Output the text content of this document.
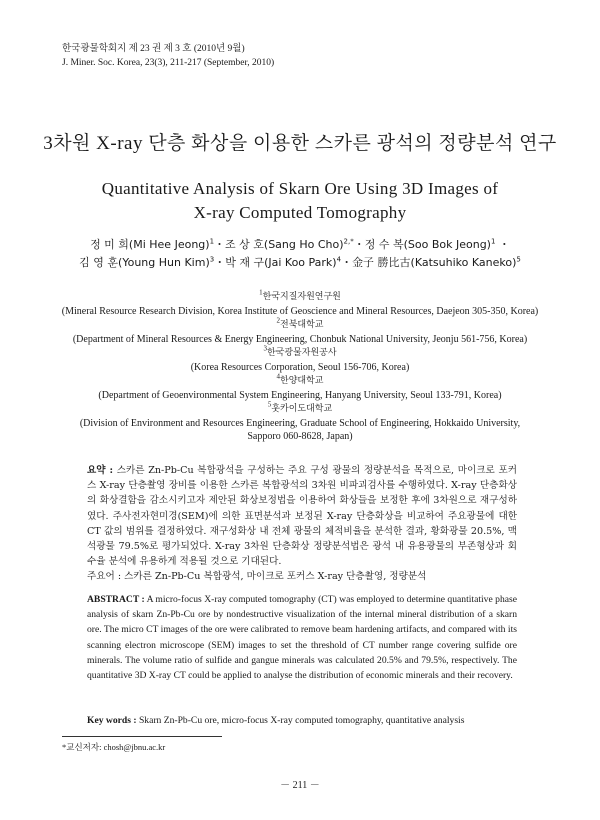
한국광물학회지 제 23 권 제 3 호 (2010년 9월)
J. Miner. Soc. Korea, 23(3), 211-217 (September, 2010)
3차원 X-ray 단층 화상을 이용한 스카른 광석의 정량분석 연구
Quantitative Analysis of Skarn Ore Using 3D Images of
X-ray Computed Tomography
정 미 희(Mi Hee Jeong)$^1$・조 상 호(Sang Ho Cho)$^{2,*}$・정 수 복(Soo Bok Jeong)$^1$ ・
김 영 훈(Young Hun Kim)$^3$・박 재 구(Jai Koo Park)$^4$・金子 勝比古(Katsuhiko Kaneko)$^5$
$^1$한국지질자원연구원
(Mineral Resource Research Division, Korea Institute of Geoscience and Mineral Resources, Daejeon 305-350, Korea)
$^2$전북대학교
(Department of Mineral Resources & Energy Engineering, Chonbuk National University, Jeonju 561-756, Korea)
$^3$한국광물자원공사
(Korea Resources Corporation, Seoul 156-706, Korea)
$^4$한양대학교
(Department of Geoenvironmental System Engineering, Hanyang University, Seoul 133-791, Korea)
$^5$훗카이도대학교
(Division of Environment and Resources Engineering, Graduate School of Engineering, Hokkaido University,
Sapporo 060-8628, Japan)
요약 : 스카른 Zn-Pb-Cu 복합광석을 구성하는 주요 구성 광물의 정량분석을 목적으로, 마이크로 포커스 X-ray 단층촬영 장비를 이용한 스카른 복합광석의 3차원 비파괴검사를 수행하였다. X-ray 단층화상의 화상결함을 감소시키고자 제안된 화상보정법을 이용하여 화상들을 보정한 후에 3차원으로 재구성하였다. 주사전자현미경(SEM)에 의한 표면분석과 보정된 X-ray 단층화상을 비교하여 주요광물에 대한 CT 값의 범위를 결정하였다. 재구성화상 내 전체 광물의 체적비율을 분석한 결과, 황화광물 20.5%, 맥석광물 79.5%로 평가되었다. X-ray 3차원 단층화상 정량분석법은 광석 내 유용광물의 부존형상과 회수율 분석에 유용하게 적용될 것으로 기대된다.
주요어 : 스카른 Zn-Pb-Cu 복합광석, 마이크로 포커스 X-ray 단층촬영, 정량분석
ABSTRACT : A micro-focus X-ray computed tomography (CT) was employed to determine quantitative phase analysis of skarn Zn-Pb-Cu ore by nondestructive visualization of the internal mineral distribution of a skarn ore. The micro CT images of the ore were calibrated to remove beam hardening artifacts, and compared with its scanning electron microscope (SEM) images to set the threshold of CT number range covering sulfide ore minerals. The volume ratio of sulfide and gangue minerals was calculated 20.5% and 79.5%, respectively. The quantitative 3D X-ray CT could be applied to analyse the distribution of economic minerals and their recovery.
Key words : Skarn Zn-Pb-Cu ore, micro-focus X-ray computed tomography, quantitative analysis
*교신저자: chosh@jbnu.ac.kr
－ 211 －
